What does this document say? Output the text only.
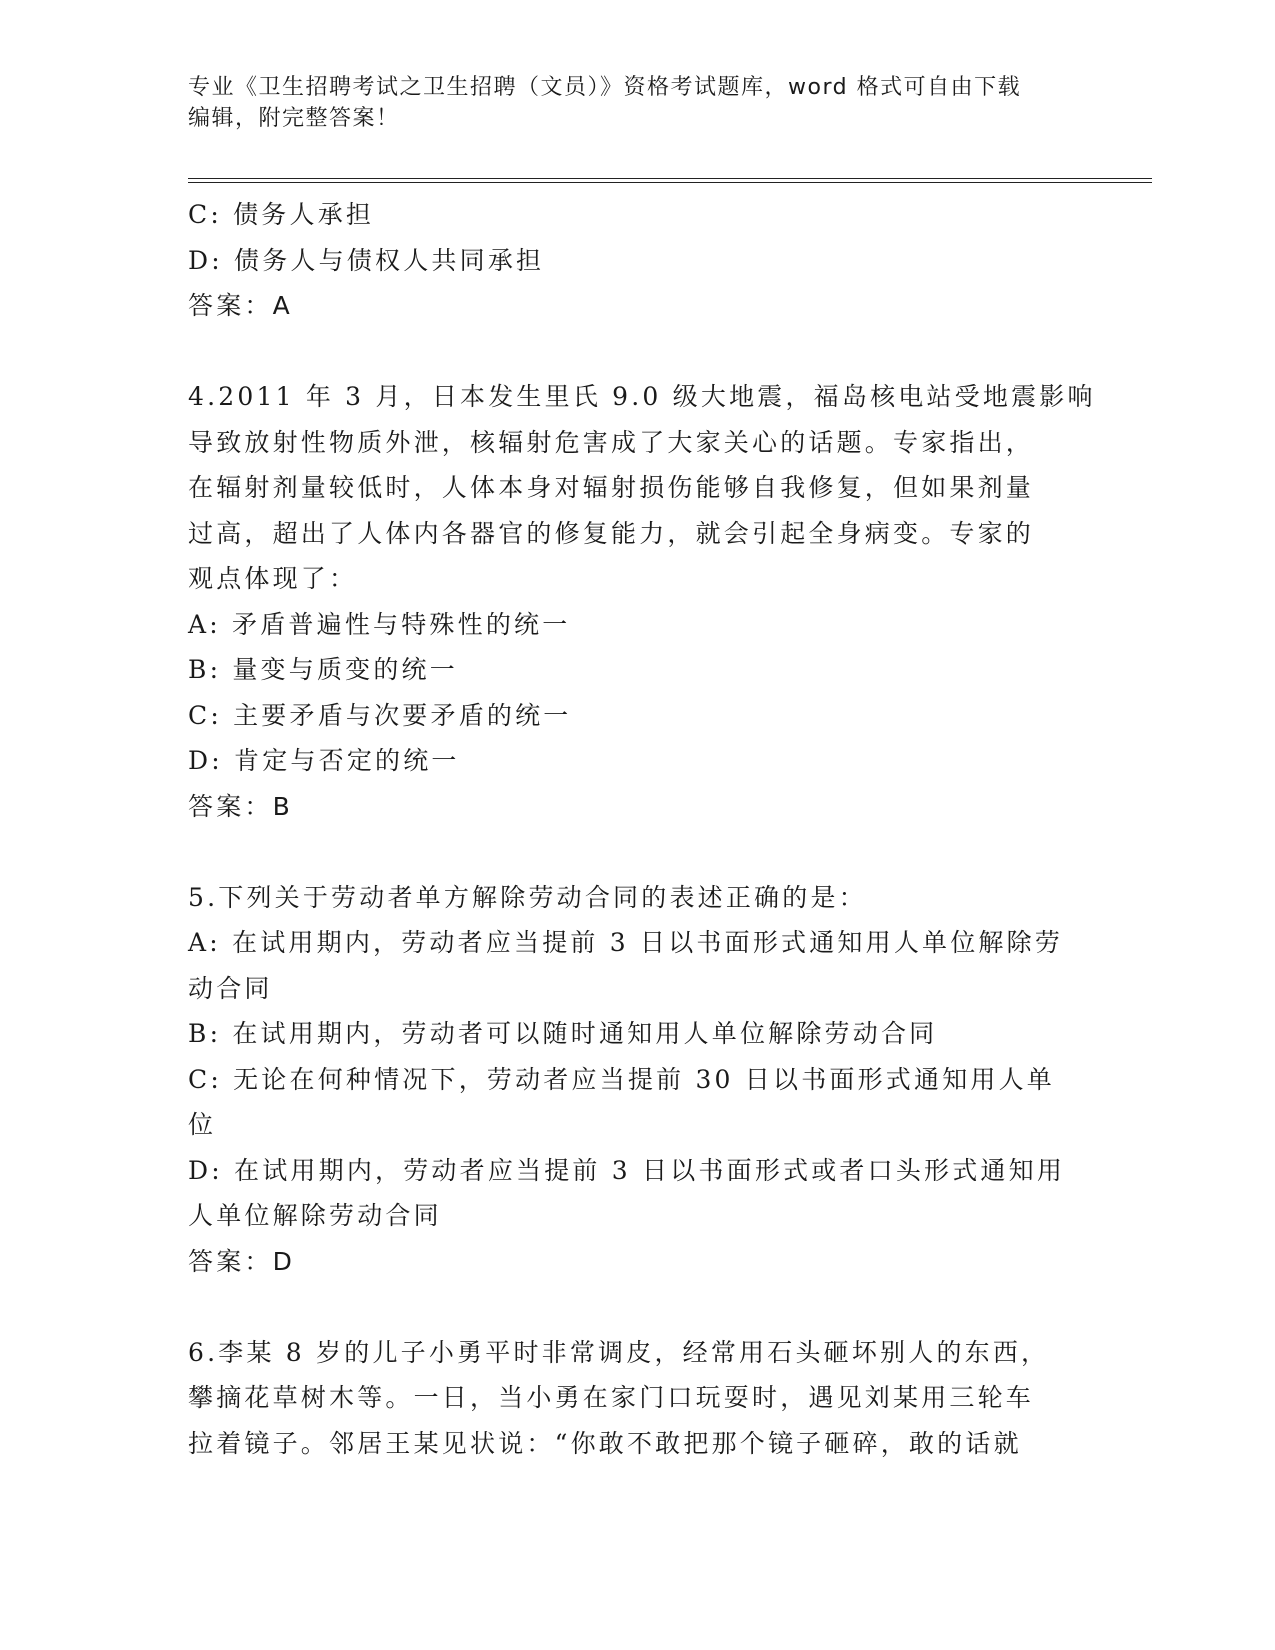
专业《卫生招聘考试之卫生招聘（文员）》资格考试题库，word 格式可自由下载
编辑，附完整答案！
C: 债务人承担
D: 债务人与债权人共同承担
答案：A
4.2011 年 3 月，日本发生里氏 9.0 级大地震，福岛核电站受地震影响
导致放射性物质外泄，核辐射危害成了大家关心的话题。专家指出，
在辐射剂量较低时，人体本身对辐射损伤能够自我修复，但如果剂量
过高，超出了人体内各器官的修复能力，就会引起全身病变。专家的
观点体现了：
A: 矛盾普遍性与特殊性的统一
B: 量变与质变的统一
C: 主要矛盾与次要矛盾的统一
D: 肯定与否定的统一
答案：B
5.下列关于劳动者单方解除劳动合同的表述正确的是：
A: 在试用期内，劳动者应当提前 3 日以书面形式通知用人单位解除劳
动合同
B: 在试用期内，劳动者可以随时通知用人单位解除劳动合同
C: 无论在何种情况下，劳动者应当提前 30 日以书面形式通知用人单
位
D: 在试用期内，劳动者应当提前 3 日以书面形式或者口头形式通知用
人单位解除劳动合同
答案：D
6.李某 8 岁的儿子小勇平时非常调皮，经常用石头砸坏别人的东西，
攀摘花草树木等。一日，当小勇在家门口玩耍时，遇见刘某用三轮车
拉着镜子。邻居王某见状说：“你敢不敢把那个镜子砸碎，敢的话就
